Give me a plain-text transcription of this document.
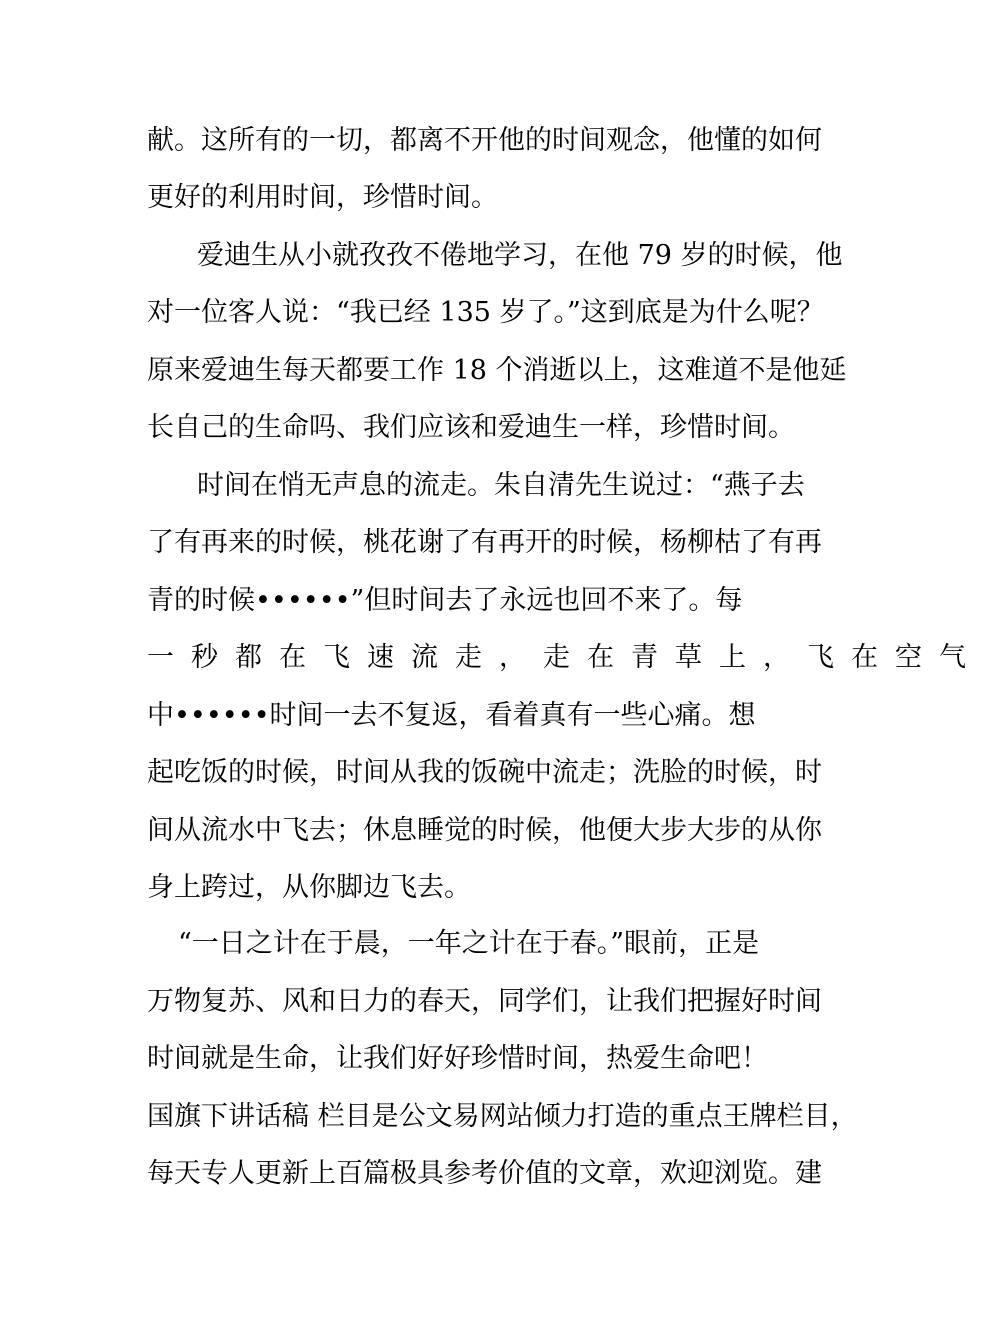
献。这所有的一切，都离不开他的时间观念，他懂的如何
更好的利用时间，珍惜时间。
爱迪生从小就孜孜不倦地学习，在他 79 岁的时候，他
对一位客人说：“我已经 135 岁了。”这到底是为什么呢？
原来爱迪生每天都要工作 18 个消逝以上，这难道不是他延
长自己的生命吗、我们应该和爱迪生一样，珍惜时间。
时间在悄无声息的流走。朱自清先生说过：“燕子去
了有再来的时候，桃花谢了有再开的时候，杨柳枯了有再
青的时候••••••”但时间去了永远也回不来了。每
一秒都在飞速流走，走在青草上，飞在空气
中••••••时间一去不复返，看着真有一些心痛。想
起吃饭的时候，时间从我的饭碗中流走；洗脸的时候，时
间从流水中飞去；休息睡觉的时候，他便大步大步的从你
身上跨过，从你脚边飞去。
“一日之计在于晨，一年之计在于春。”眼前，正是
万物复苏、风和日力的春天，同学们，让我们把握好时间
时间就是生命，让我们好好珍惜时间，热爱生命吧！
国旗下讲话稿 栏目是公文易网站倾力打造的重点王牌栏目，
每天专人更新上百篇极具参考价值的文章，欢迎浏览。建
